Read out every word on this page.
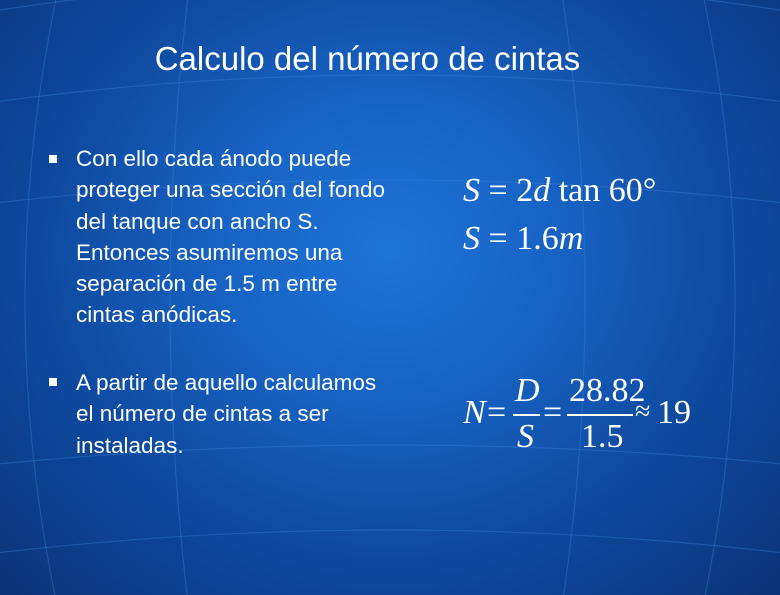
Calculo del número de cintas
Con ello cada ánodo puede proteger una sección del fondo del tanque con ancho S. Entonces asumiremos una separación de 1.5 m entre cintas anódicas.
A partir de aquello calculamos el número de cintas a ser instaladas.
S = 2d tan 60°
S = 1.6m
N =
D
S
=
28.82
1.5
≈ 19
